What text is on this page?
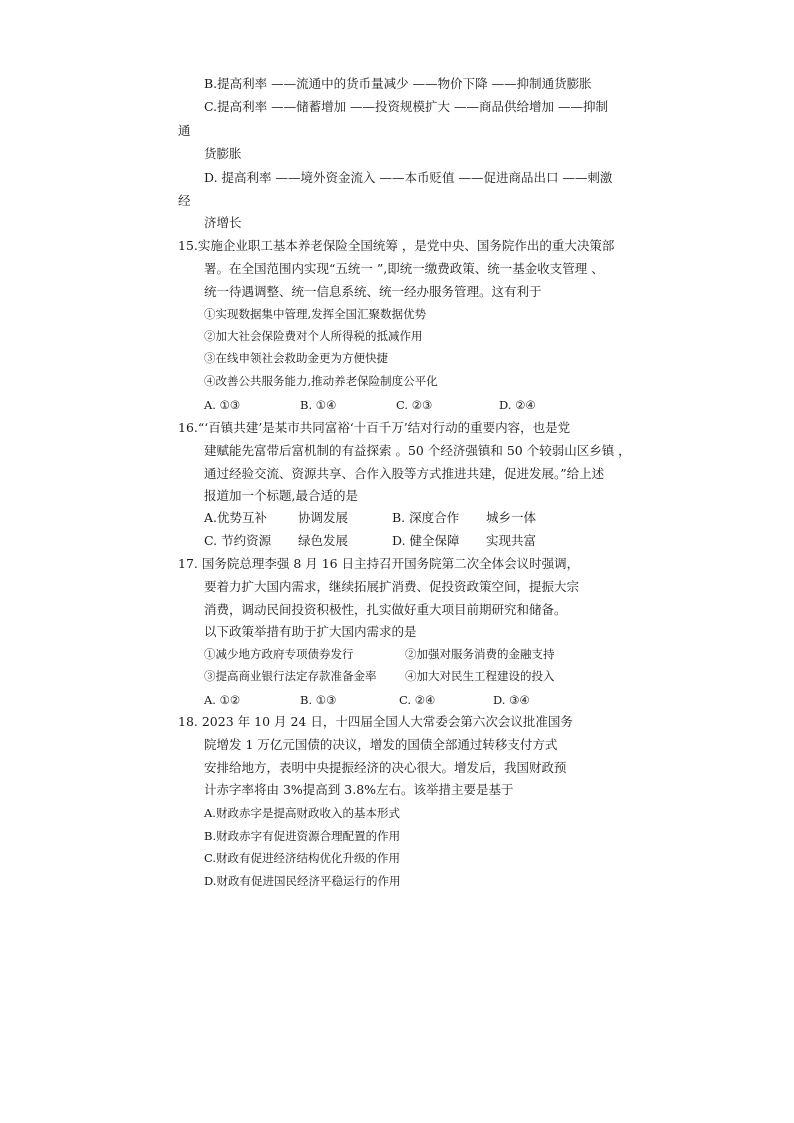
B.提高利率 ——流通中的货币量减少 ——物价下降 ——抑制通货膨胀
C.提高利率 ——储蓄增加 ——投资规模扩大 ——商品供给增加 ——抑制
通
货膨胀
D. 提高利率 ——境外资金流入 ——本币贬值 ——促进商品出口 ——刺激
经
济增长
15.实施企业职工基本养老保险全国统筹 ，是党中央、国务院作出的重大决策部
署。在全国范围内实现“五统一 ”,即统一缴费政策、统一基金收支管理 、
统一待遇调整、统一信息系统、统一经办服务管理。这有利于
①实现数据集中管理,发挥全国汇聚数据优势
②加大社会保险费对个人所得税的抵减作用
③在线申领社会救助金更为方便快捷
④改善公共服务能力,推动养老保险制度公平化
A. ①③	B. ①④	C. ②③	D. ②④
16.“‘百镇共建’是某市共同富裕‘十百千万’结对行动的重要内容，也是党
建赋能先富带后富机制的有益探索 。50 个经济强镇和 50 个较弱山区乡镇 ，
通过经验交流、资源共享、合作入股等方式推进共建，促进发展。”给上述
报道加一个标题,最合适的是
A.优势互补 协调发展	B. 深度合作 城乡一体
C. 节约资源 绿色发展	D. 健全保障 实现共富
17. 国务院总理李强 8 月 16 日主持召开国务院第二次全体会议时强调，
要着力扩大国内需求，继续拓展扩消费、促投资政策空间，提振大宗
消费，调动民间投资积极性，扎实做好重大项目前期研究和储备。
以下政策举措有助于扩大国内需求的是
①减少地方政府专项债券发行	②加强对服务消费的金融支持
③提高商业银行法定存款准备金率 ④加大对民生工程建设的投入
A. ①②	B. ①③	C. ②④	D. ③④
18. 2023 年 10 月 24 日，十四届全国人大常委会第六次会议批准国务
院增发 1 万亿元国债的决议，增发的国债全部通过转移支付方式
安排给地方，表明中央提振经济的决心很大。增发后，我国财政预
计赤字率将由 3%提高到 3.8%左右。该举措主要是基于
A.财政赤字是提高财政收入的基本形式
B.财政赤字有促进资源合理配置的作用
C.财政有促进经济结构优化升级的作用
D.财政有促进国民经济平稳运行的作用
